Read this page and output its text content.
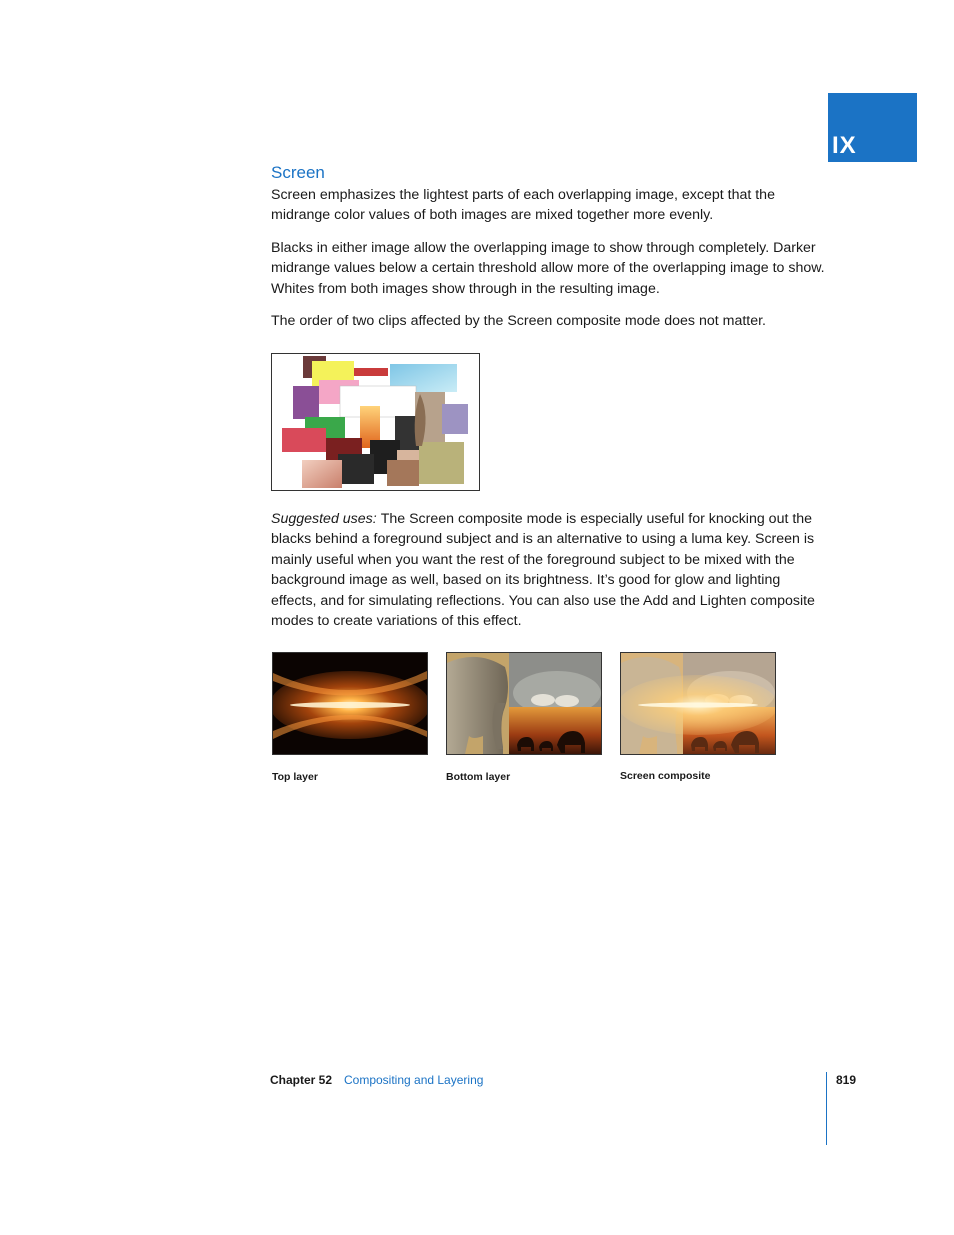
IX
Screen

Screen emphasizes the lightest parts of each overlapping image, except that the midrange color values of both images are mixed together more evenly.

Blacks in either image allow the overlapping image to show through completely. Darker midrange values below a certain threshold allow more of the overlapping image to show. Whites from both images show through in the resulting image.

The order of two clips affected by the Screen composite mode does not matter.

Suggested uses: The Screen composite mode is especially useful for knocking out the blacks behind a foreground subject and is an alternative to using a luma key. Screen is mainly useful when you want the rest of the foreground subject to be mixed with the background image as well, based on its brightness. It’s good for glow and lighting effects, and for simulating reflections. You can also use the Add and Lighten composite modes to create variations of this effect.

Top layer	Bottom layer	Screen composite
Chapter 52 Compositing and Layering	819
